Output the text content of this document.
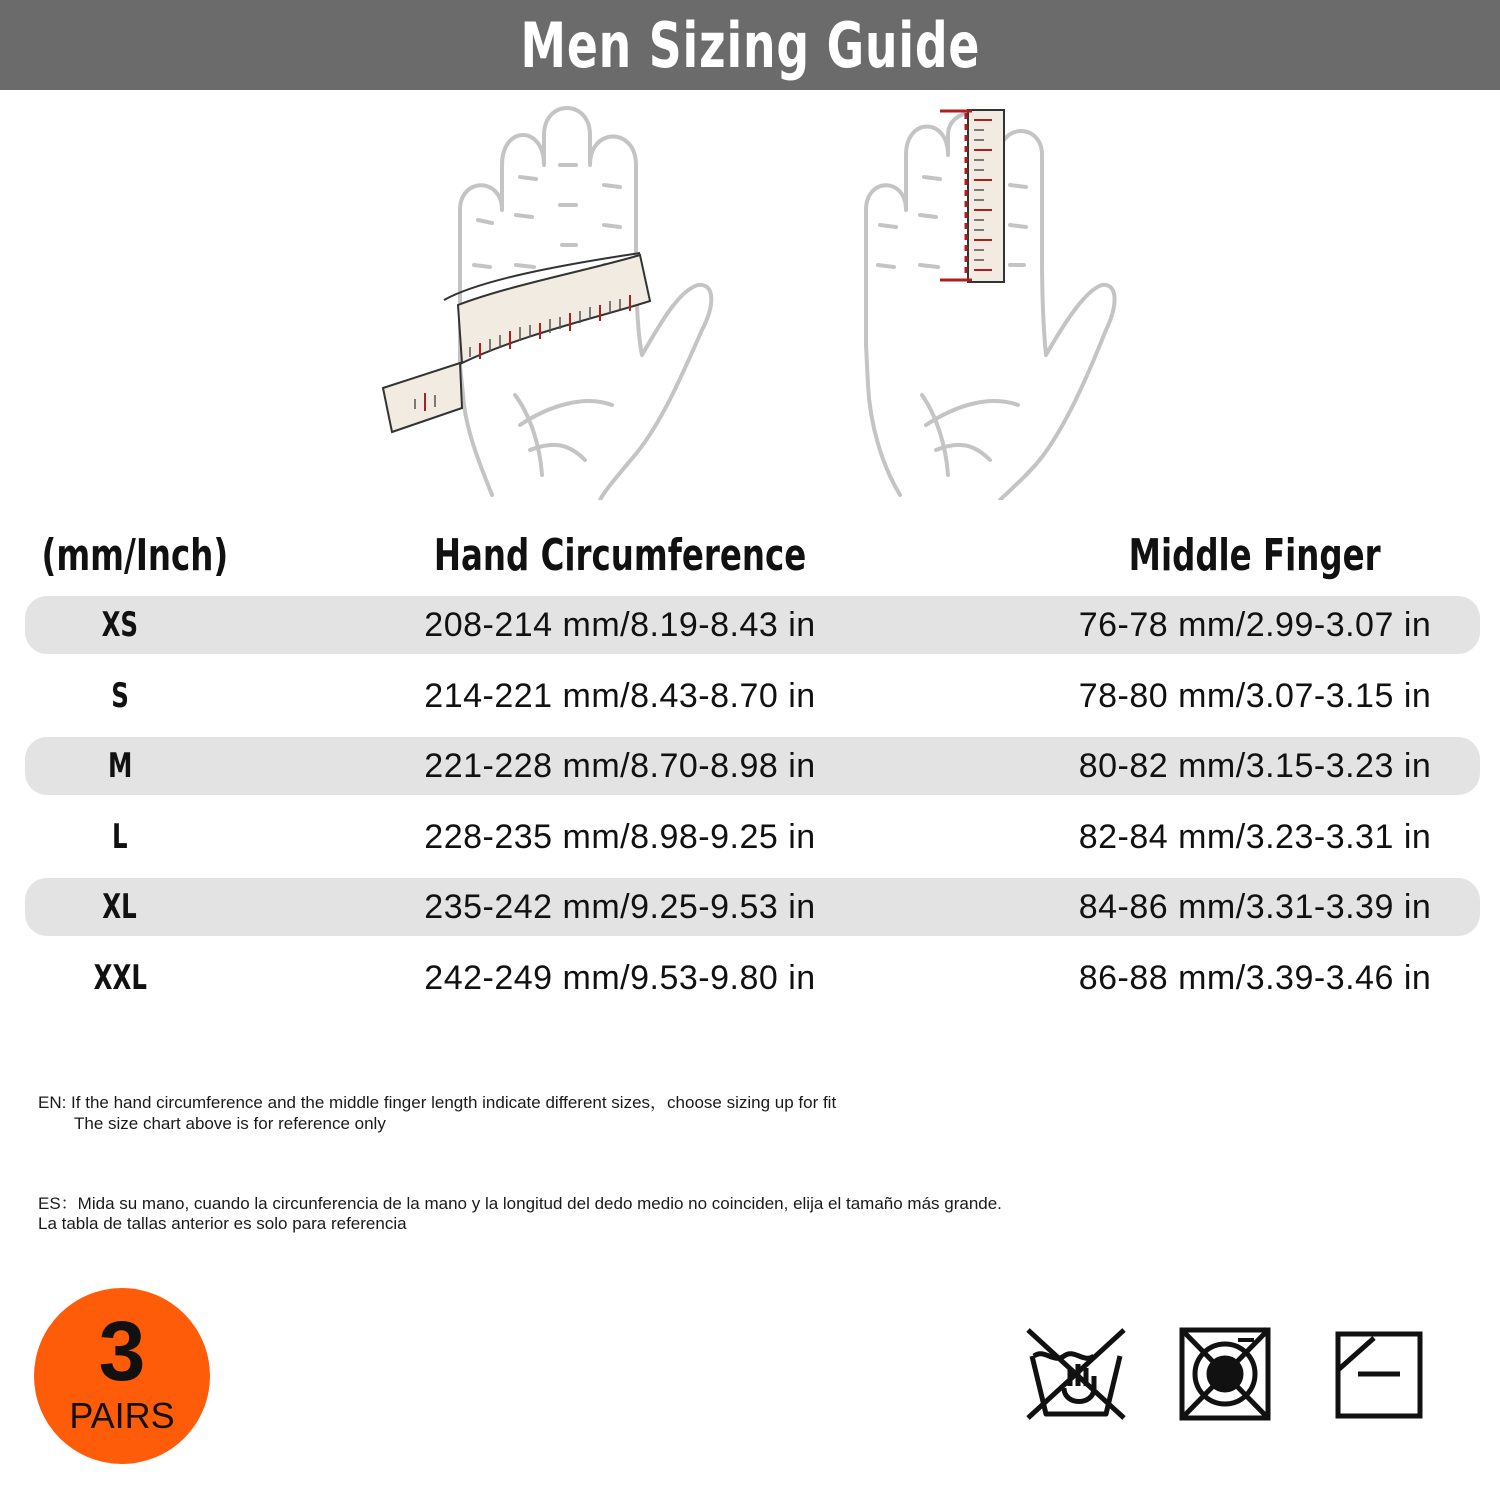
Men Sizing Guide
(mm/Inch)	Hand Circumference	Middle Finger
XS	208-214 mm/8.19-8.43 in	76-78 mm/2.99-3.07 in
S	214-221 mm/8.43-8.70 in	78-80 mm/3.07-3.15 in
M	221-228 mm/8.70-8.98 in	80-82 mm/3.15-3.23 in
L	228-235 mm/8.98-9.25 in	82-84 mm/3.23-3.31 in
XL	235-242 mm/9.25-9.53 in	84-86 mm/3.31-3.39 in
XXL	242-249 mm/9.53-9.80 in	86-88 mm/3.39-3.46 in
EN: If the hand circumference and the middle finger length indicate different sizes，choose sizing up for fit
The size chart above is for reference only
ES：Mida su mano, cuando la circunferencia de la mano y la longitud del dedo medio no coinciden, elija el tamaño más grande.
La tabla de tallas anterior es solo para referencia
3
PAIRS
